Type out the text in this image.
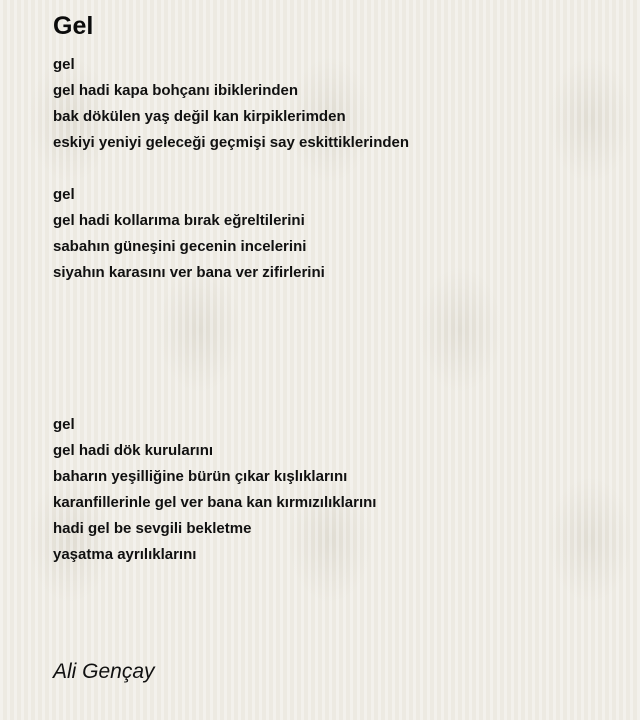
Gel
gel
gel hadi kapa bohçanı ibiklerinden
bak dökülen yaş değil kan kirpiklerimden
eskiyi yeniyi geleceği geçmişi say eskittiklerinden
gel
gel hadi kollarıma bırak eğreltilerini
sabahın güneşini gecenin incelerini
siyahın karasını ver bana ver zifirlerini
gel
gel hadi dök kurularını
baharın yeşilliğine bürün çıkar kışlıklarını
karanfillerinle gel ver bana kan kırmızılıklarını
hadi gel be sevgili bekletme
yaşatma ayrılıklarını

Ali Gençay
